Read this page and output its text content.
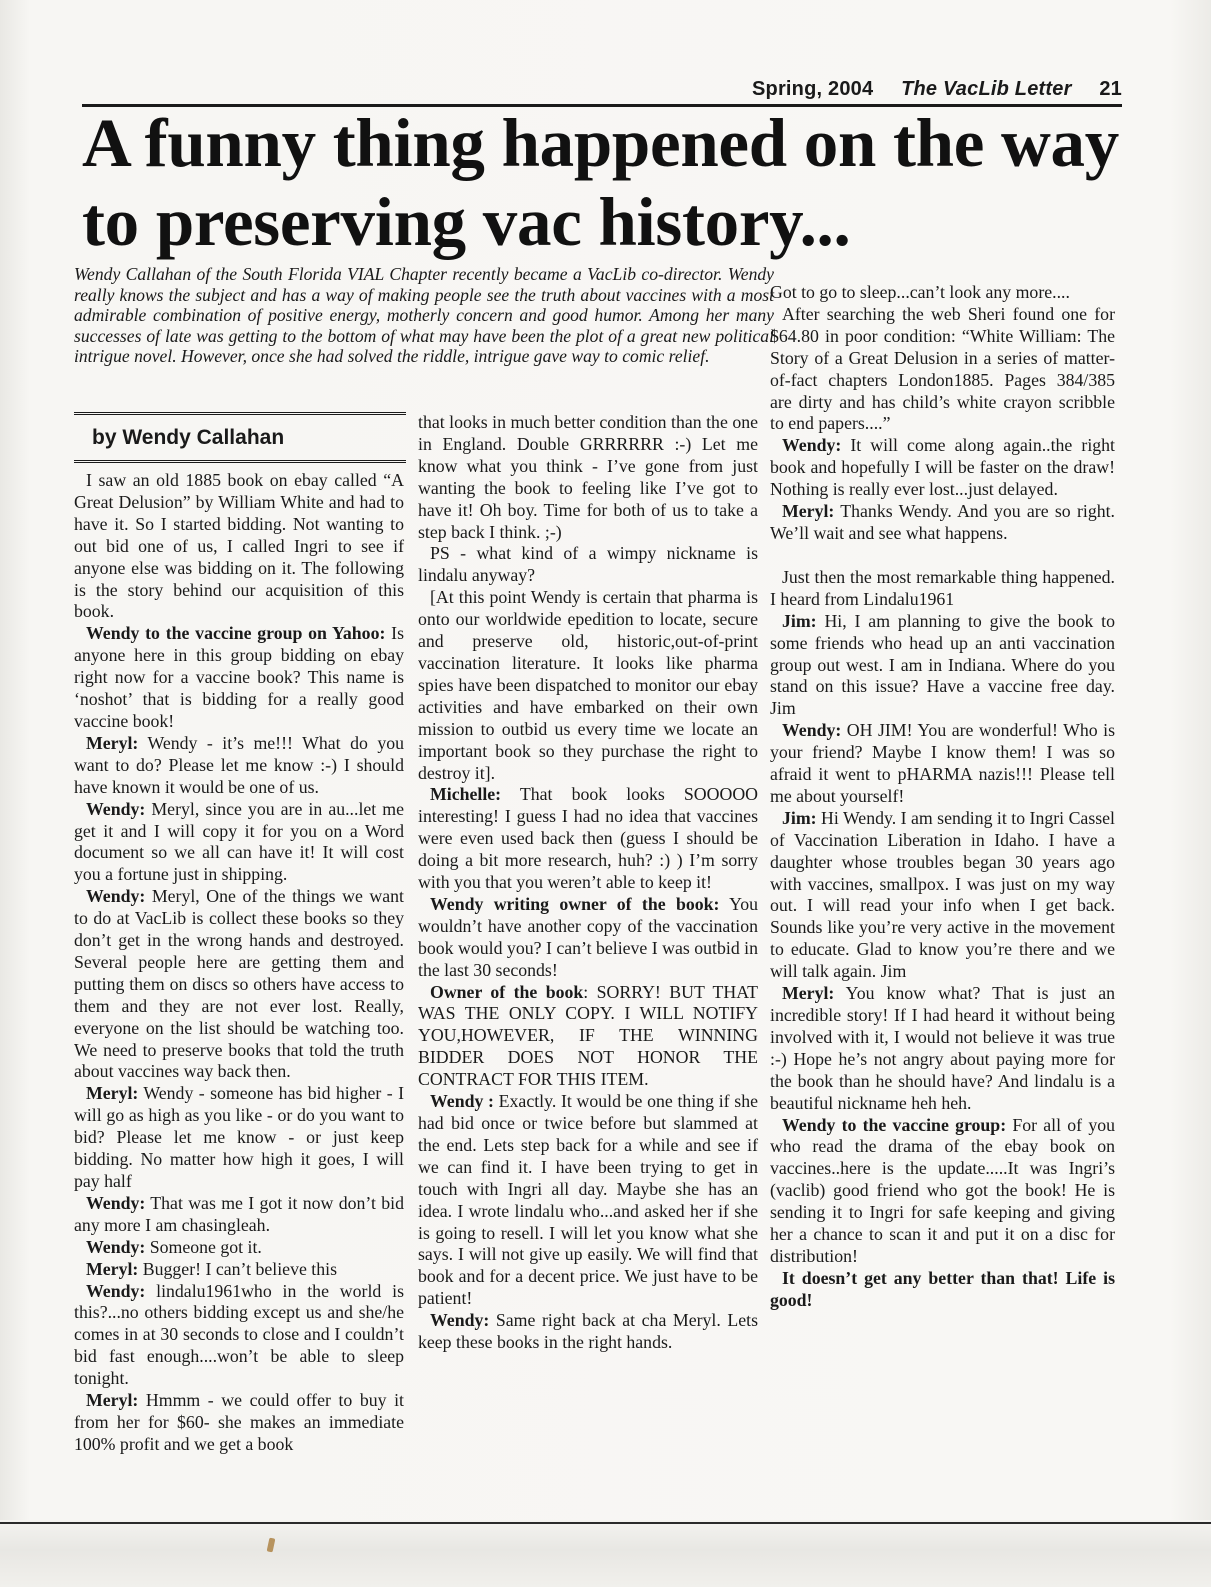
Spring, 2004 The VacLib Letter 21
A funny thing happened on the way to preserving vac history...
Wendy Callahan of the South Florida VIAL Chapter recently became a VacLib co-director. Wendy really knows the subject and has a way of making people see the truth about vaccines with a most admirable combination of positive energy, motherly concern and good humor. Among her many successes of late was getting to the bottom of what may have been the plot of a great new political intrigue novel. However, once she had solved the riddle, intrigue gave way to comic relief.
by Wendy Callahan

I saw an old 1885 book on ebay called “A Great Delusion” by William White and had to have it. So I started bidding. Not wanting to out bid one of us, I called Ingri to see if anyone else was bidding on it. The following is the story behind our acquisition of this book.

Wendy to the vaccine group on Yahoo: Is anyone here in this group bidding on ebay right now for a vaccine book? This name is ‘noshot’ that is bidding for a really good vaccine book!

Meryl: Wendy - it’s me!!! What do you want to do? Please let me know :-) I should have known it would be one of us.

Wendy: Meryl, since you are in au...let me get it and I will copy it for you on a Word document so we all can have it! It will cost you a fortune just in shipping.

Wendy: Meryl, One of the things we want to do at VacLib is collect these books so they don’t get in the wrong hands and destroyed. Several people here are getting them and putting them on discs so others have access to them and they are not ever lost. Really, everyone on the list should be watching too. We need to preserve books that told the truth about vaccines way back then.

Meryl: Wendy - someone has bid higher - I will go as high as you like - or do you want to bid? Please let me know - or just keep bidding. No matter how high it goes, I will pay half

Wendy: That was me I got it now don’t bid any more I am chasingleah.

Wendy: Someone got it.

Meryl: Bugger! I can’t believe this

Wendy: lindalu1961who in the world is this?...no others bidding except us and she/he comes in at 30 seconds to close and I couldn’t bid fast enough....won’t be able to sleep tonight.

Meryl: Hmmm - we could offer to buy it from her for $60- she makes an immediate 100% profit and we get a book

that looks in much better condition than the one in England. Double GRRRRRR :-) Let me know what you think - I’ve gone from just wanting the book to feeling like I’ve got to have it! Oh boy. Time for both of us to take a step back I think. ;-)

PS - what kind of a wimpy nickname is lindalu anyway?

[At this point Wendy is certain that pharma is onto our worldwide epedition to locate, secure and preserve old, historic,out-of-print vaccination literature. It looks like pharma spies have been dispatched to monitor our ebay activities and have embarked on their own mission to outbid us every time we locate an important book so they purchase the right to destroy it].

Michelle: That book looks SOOOOO interesting! I guess I had no idea that vaccines were even used back then (guess I should be doing a bit more research, huh? :) ) I’m sorry with you that you weren’t able to keep it!

Wendy writing owner of the book: You wouldn’t have another copy of the vaccination book would you? I can’t believe I was outbid in the last 30 seconds!

Owner of the book: SORRY! BUT THAT WAS THE ONLY COPY. I WILL NOTIFY YOU,HOWEVER, IF THE WINNING BIDDER DOES NOT HONOR THE CONTRACT FOR THIS ITEM.

Wendy : Exactly. It would be one thing if she had bid once or twice before but slammed at the end. Lets step back for a while and see if we can find it. I have been trying to get in touch with Ingri all day. Maybe she has an idea. I wrote lindalu who...and asked her if she is going to resell. I will let you know what she says. I will not give up easily. We will find that book and for a decent price. We just have to be patient!

Wendy: Same right back at cha Meryl. Lets keep these books in the right hands.

Got to go to sleep...can’t look any more....

After searching the web Sheri found one for $64.80 in poor condition: “White William: The Story of a Great Delusion in a series of matter-of-fact chapters London1885. Pages 384/385 are dirty and has child’s white crayon scribble to end papers....”

Wendy: It will come along again..the right book and hopefully I will be faster on the draw! Nothing is really ever lost...just delayed.

Meryl: Thanks Wendy. And you are so right. We’ll wait and see what happens.

Just then the most remarkable thing happened. I heard from Lindalu1961

Jim: Hi, I am planning to give the book to some friends who head up an anti vaccination group out west. I am in Indiana. Where do you stand on this issue? Have a vaccine free day. Jim

Wendy: OH JIM! You are wonderful! Who is your friend? Maybe I know them! I was so afraid it went to pHARMA nazis!!! Please tell me about yourself!

Jim: Hi Wendy. I am sending it to Ingri Cassel of Vaccination Liberation in Idaho. I have a daughter whose troubles began 30 years ago with vaccines, smallpox. I was just on my way out. I will read your info when I get back. Sounds like you’re very active in the movement to educate. Glad to know you’re there and we will talk again. Jim

Meryl: You know what? That is just an incredible story! If I had heard it without being involved with it, I would not believe it was true :-) Hope he’s not angry about paying more for the book than he should have? And lindalu is a beautiful nickname heh heh.

Wendy to the vaccine group: For all of you who read the drama of the ebay book on vaccines..here is the update.....It was Ingri’s (vaclib) good friend who got the book! He is sending it to Ingri for safe keeping and giving her a chance to scan it and put it on a disc for distribution!

It doesn’t get any better than that! Life is good!
